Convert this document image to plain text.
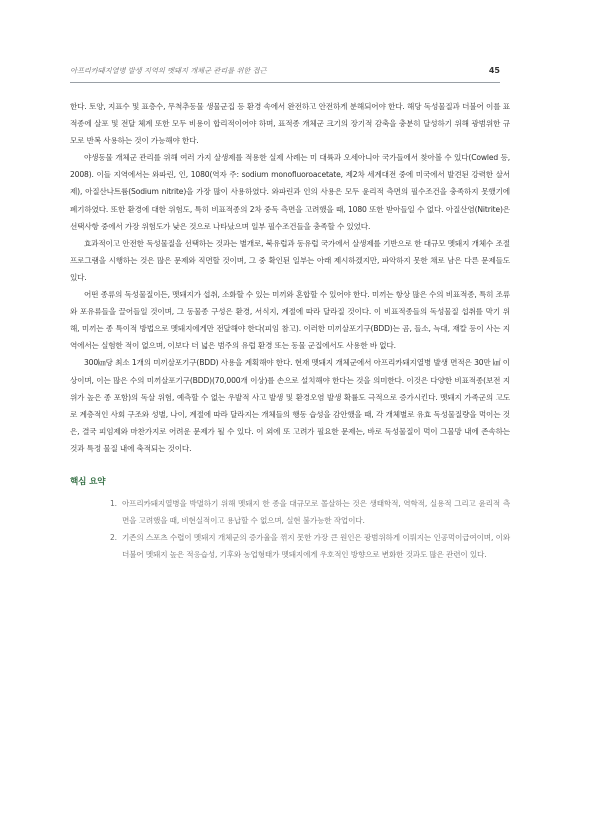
아프리카돼지열병 발생 지역의 멧돼지 개체군 관리를 위한 접근	45

한다. 토양, 지표수 및 표층수, 무척추동물 생물군집 등 환경 속에서 완전하고 안전하게 분해되어야 한다. 해당 독성물질과 더불어 이를 표적종에 살포 및 전달 체계 또한 모두 비용이 합리적이어야 하며, 표적종 개체군 크기의 장기적 감축을 충분히 달성하기 위해 광범위한 규모로 반복 사용하는 것이 가능해야 한다.

야생동물 개체군 관리를 위해 여러 가지 살생제를 적용한 실제 사례는 미 대륙과 오세아니아 국가들에서 찾아볼 수 있다(Cowled 등, 2008). 이들 지역에서는 와파린, 인, 1080(역자 주: sodium monofluoroacetate, 제2차 세계대전 중에 미국에서 발견된 강력한 살서제), 아질산나트륨(Sodium nitrite)을 가장 많이 사용하였다. 와파린과 인의 사용은 모두 윤리적 측면의 필수조건을 충족하지 못했기에 폐기하였다. 또한 환경에 대한 위험도, 특히 비표적종의 2차 중독 측면을 고려했을 때, 1080 또한 받아들일 수 없다. 아질산염(Nitrite)은 선택사항 중에서 가장 위험도가 낮은 것으로 나타났으며 일부 필수조건들을 충족할 수 있었다.

효과적이고 안전한 독성물질을 선택하는 것과는 별개로, 북유럽과 동유럽 국가에서 살생제를 기반으로 한 대규모 멧돼지 개체수 조절 프로그램을 시행하는 것은 많은 문제와 직면할 것이며, 그 중 확인된 일부는 아래 제시하겠지만, 파악하지 못한 채로 남은 다른 문제들도 있다.

어떤 종류의 독성물질이든, 멧돼지가 섭취, 소화할 수 있는 미끼와 혼합할 수 있어야 한다. 미끼는 항상 많은 수의 비표적종, 특히 조류와 포유류들을 끌어들일 것이며, 그 동물종 구성은 환경, 서식지, 계절에 따라 달라질 것이다. 이 비표적종들의 독성물질 섭취를 막기 위해, 미끼는 종 특이적 방법으로 멧돼지에게만 전달해야 한다(피임 참고). 이러한 미끼살포기구(BDD)는 곰, 들소, 늑대, 재칼 등이 사는 지역에서는 실험한 적이 없으며, 이보다 더 넓은 범주의 유럽 환경 또는 동물 군집에서도 사용한 바 없다.

300㎞당 최소 1개의 미끼살포기구(BDD) 사용을 계획해야 한다. 현재 멧돼지 개체군에서 아프리카돼지열병 발생 면적은 30만 ㎢ 이상이며, 이는 많은 수의 미끼살포기구(BDD)(70,000개 이상)를 손으로 설치해야 한다는 것을 의미한다. 이것은 다양한 비표적종(보전 지위가 높은 종 포함)의 독살 위험, 예측할 수 없는 우발적 사고 발생 및 환경오염 발생 확률도 극적으로 증가시킨다. 멧돼지 가족군의 고도로 계층적인 사회 구조와 성별, 나이, 계절에 따라 달라지는 개체들의 행동 습성을 감안했을 때, 각 개체별로 유효 독성물질량을 먹이는 것은, 결국 피임제와 마찬가지로 어려운 문제가 될 수 있다. 이 외에 또 고려가 필요한 문제는, 바로 독성물질이 먹이 그물망 내에 존속하는 것과 특정 물질 내에 축적되는 것이다.

핵심 요약
1. 아프리카돼지열병을 박멸하기 위해 멧돼지 한 종을 대규모로 몰살하는 것은 생태학적, 역학적, 실용적 그리고 윤리적 측면을 고려했을 때, 비현실적이고 용납할 수 없으며, 실현 불가능한 작업이다.
2. 기존의 스포츠 수렵이 멧돼지 개체군의 증가율을 꺾지 못한 가장 큰 원인은 광범위하게 이뤄지는 인공먹이급여이며, 이와 더불어 멧돼지 높은 적응습성, 기후와 농업형태가 멧돼지에게 우호적인 방향으로 변화한 것과도 많은 관련이 있다.
